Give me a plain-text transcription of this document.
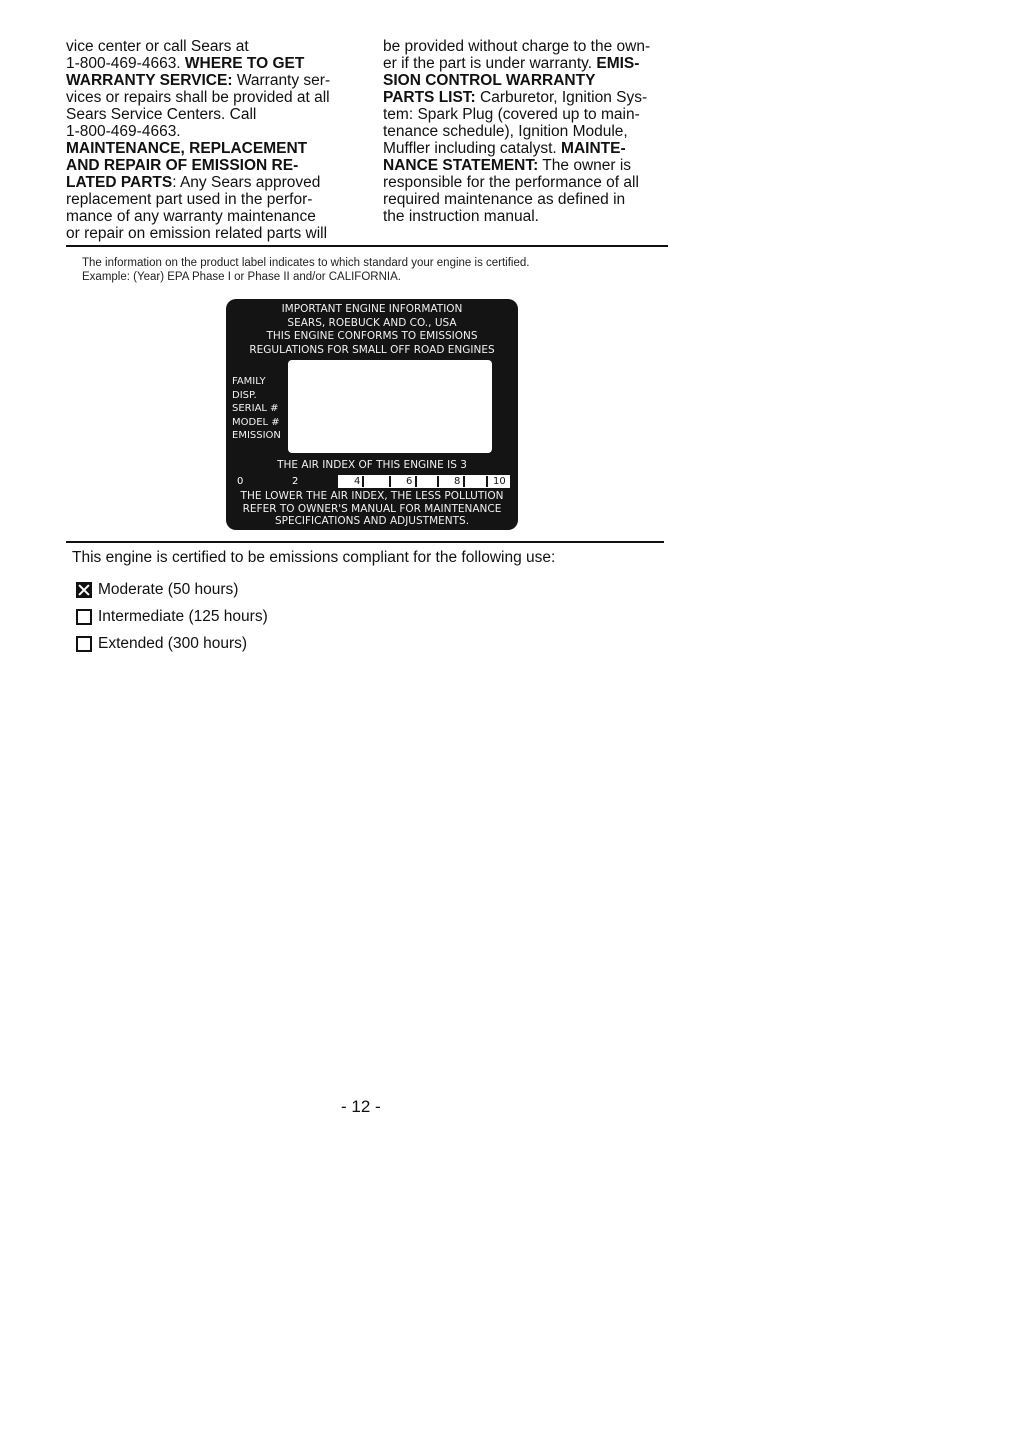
vice center or call Sears at

1-800-469-4663. WHERE TO GET

WARRANTY SERVICE: Warranty ser-

vices or repairs shall be provided at all

Sears Service Centers. Call

1-800-469-4663.

MAINTENANCE, REPLACEMENT

AND REPAIR OF EMISSION RE-

LATED PARTS: Any Sears approved

replacement part used in the perfor-

mance of any warranty maintenance

or repair on emission related parts will

be provided without charge to the own-

er if the part is under warranty. EMIS-

SION CONTROL WARRANTY

PARTS LIST: Carburetor, Ignition Sys-

tem: Spark Plug (covered up to main-

tenance schedule), Ignition Module,

Muffler including catalyst. MAINTE-

NANCE STATEMENT: The owner is

responsible for the performance of all

required maintenance as defined in

the instruction manual.

The information on the product label indicates to which standard your engine is certified.
Example: (Year) EPA Phase I or Phase II and/or CALIFORNIA.
IMPORTANT ENGINE INFORMATION
SEARS, ROEBUCK AND CO., USA
THIS ENGINE CONFORMS TO EMISSIONS
REGULATIONS FOR SMALL OFF ROAD ENGINES
FAMILY
DISP.
SERIAL #
MODEL #
EMISSION
THE AIR INDEX OF THIS ENGINE IS 3
0	2	4	6	8	10
THE LOWER THE AIR INDEX, THE LESS POLLUTION
REFER TO OWNER'S MANUAL FOR MAINTENANCE
SPECIFICATIONS AND ADJUSTMENTS.
This engine is certified to be emissions compliant for the following use:
Moderate (50 hours)
Intermediate (125 hours)
Extended (300 hours)
- 12 -
